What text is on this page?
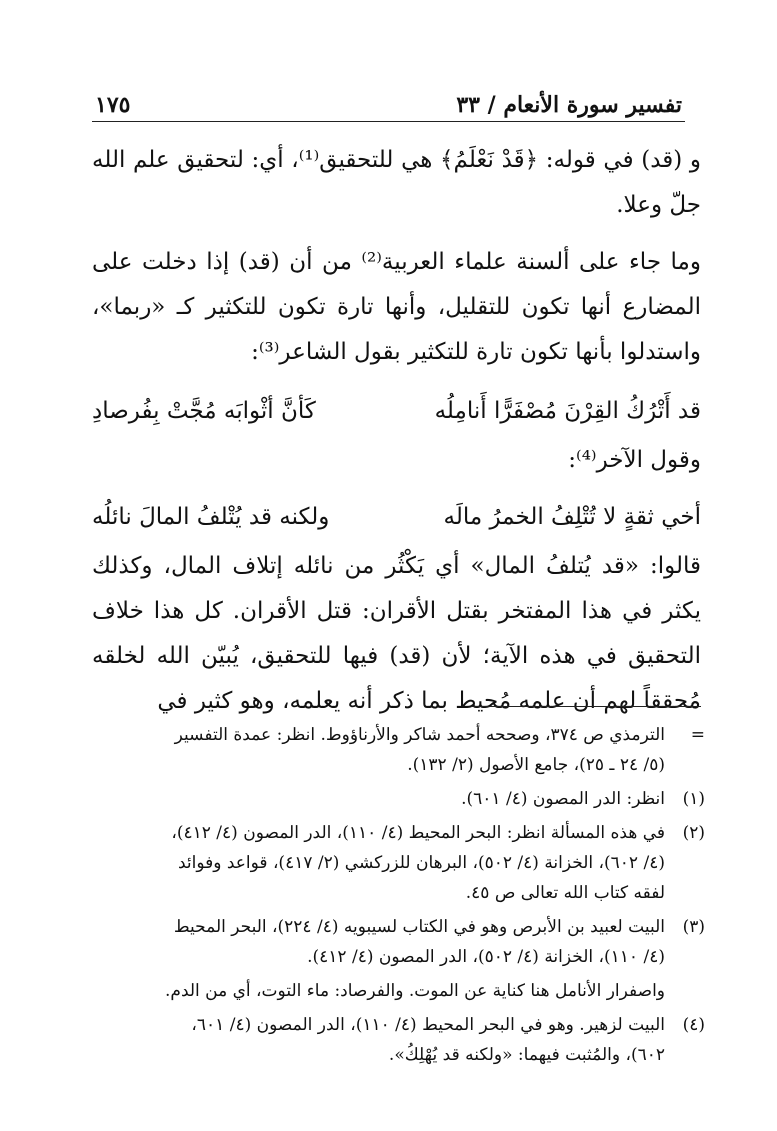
تفسير سورة الأنعام / ٣٣
١٧٥

و (قد) في قوله: ﴿قَدْ نَعْلَمُ﴾ هي للتحقيق⁽¹⁾، أي: لتحقيق علم الله جلّ وعلا.

وما جاء على ألسنة علماء العربية⁽²⁾ من أن (قد) إذا دخلت على المضارع أنها تكون للتقليل، وأنها تارة تكون للتكثير كـ «ربما»، واستدلوا بأنها تكون تارة للتكثير بقول الشاعر⁽³⁾:

قد أَتْرُكُ القِرْنَ مُصْفَرًّا أَنامِلُه
كَأنَّ أثْوابَه مُجَّتْ بِفُرصادِ

وقول الآخر⁽⁴⁾:

أخي ثقةٍ لا تُتْلِفُ الخمرُ مالَه
ولكنه قد يُتْلفُ المالَ نائلُه

قالوا: «قد يُتلفُ المال» أي يَكْثُر من نائله إتلاف المال، وكذلك يكثر في هذا المفتخر بقتل الأقران: قتل الأقران. كل هذا خلاف التحقيق في هذه الآية؛ لأن (قد) فيها للتحقيق، يُبيّن الله لخلقه مُحققاً لهم أن علمه مُحيط بما ذكر أنه يعلمه، وهو كثير في

=
الترمذي ص ٣٧٤، وصححه أحمد شاكر والأرناؤوط. انظر: عمدة التفسير
(٥/ ٢٤ ـ ٢٥)، جامع الأصول (٢/ ١٣٢).
(١)
انظر: الدر المصون (٤/ ٦٠١).
(٢)
في هذه المسألة انظر: البحر المحيط (٤/ ١١٠)، الدر المصون (٤/ ٤١٢)،
(٤/ ٦٠٢)، الخزانة (٤/ ٥٠٢)، البرهان للزركشي (٢/ ٤١٧)، قواعد وفوائد
لفقه كتاب الله تعالى ص ٤٥.
(٣)
البيت لعبيد بن الأبرص وهو في الكتاب لسيبويه (٤/ ٢٢٤)، البحر المحيط
(٤/ ١١٠)، الخزانة (٤/ ٥٠٢)، الدر المصون (٤/ ٤١٢).
واصفرار الأنامل هنا كناية عن الموت. والفرصاد: ماء التوت، أي من الدم.
(٤)
البيت لزهير. وهو في البحر المحيط (٤/ ١١٠)، الدر المصون (٤/ ٦٠١،
٦٠٢)، والمُثبت فيهما: «ولكنه قد يُهْلِكُ».
